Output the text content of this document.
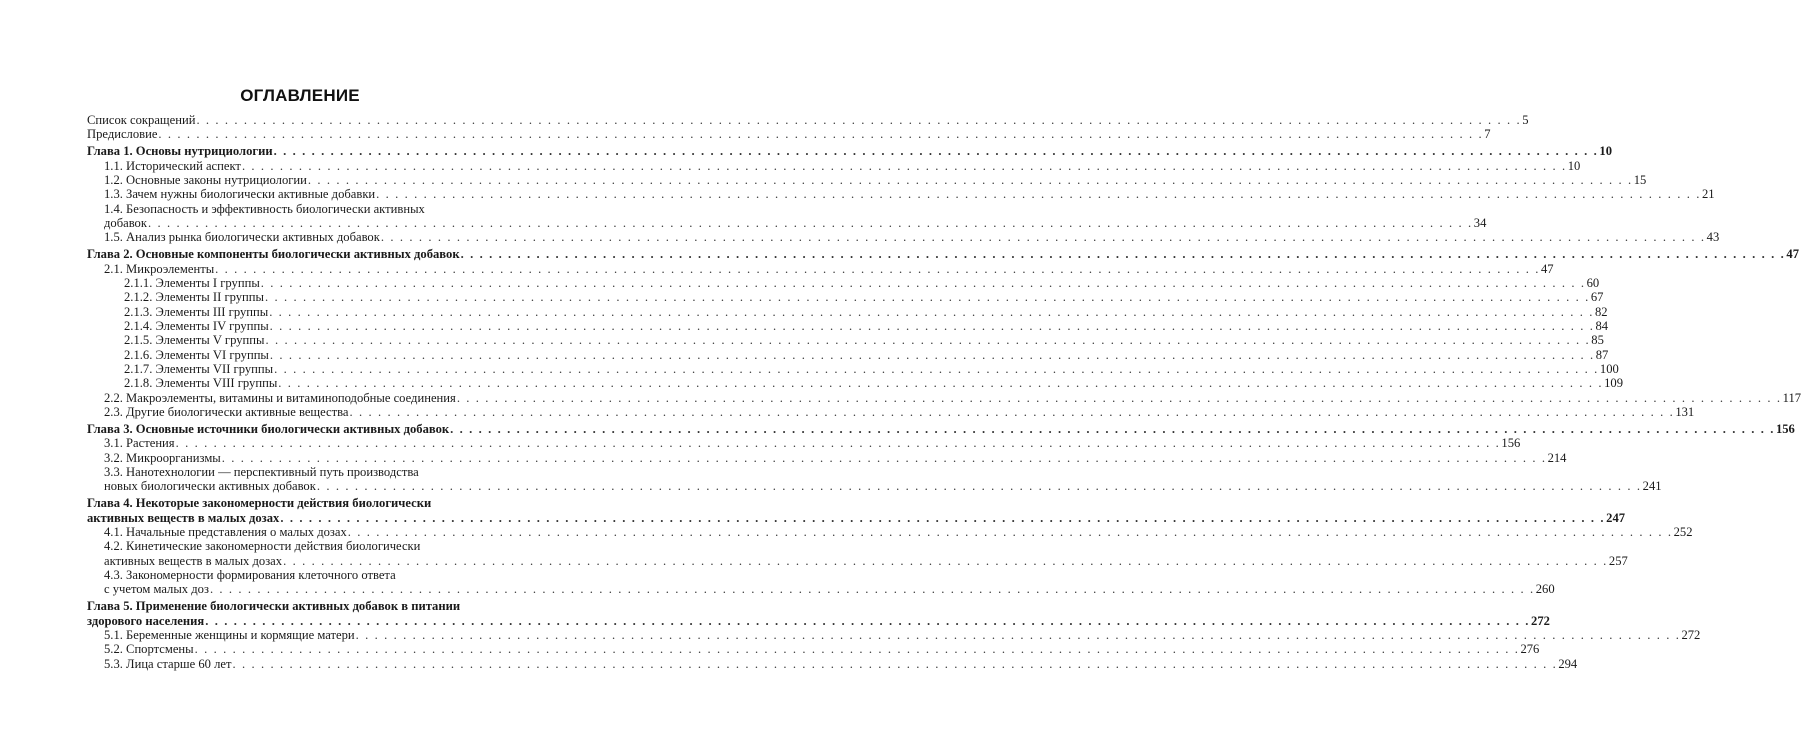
ОГЛАВЛЕНИЕ
Список сокращений . . . . . . . . . . . . . . . . . . . . . . . . . . . . . . . . . . . . . . . . . . . . . . . . . . . . . . . . . . . . . . . . . . . . . . . . . . . . . . . . . . . . . . . . . . . . . . . . . . . . . . . . . . . . . . . . . . . . . . . . . . . . . . . . . . . . . . . . . . . . 5
Предисловие . . . . . . . . . . . . . . . . . . . . . . . . . . . . . . . . . . . . . . . . . . . . . . . . . . . . . . . . . . . . . . . . . . . . . . . . . . . . . . . . . . . . . . . . . . . . . . . . . . . . . . . . . . . . . . . . . . . . . . . . . . . . . . . . . . . . . . . . . . . . 7
Глава 1. Основы нутрициологии . . . . . . . . . . . . . . . . . . . . . . . . . . . . . . . . . . . . . . . . . . . . . . . . . . . . . . . . . . . . . . . . . . . . . . . . . . . . . . . . . . . . . . . . . . . . . . . . . . . . . . . . . . . . . . . . . . . . . . . . . . . . . . . . . . . . . . . . . . . . 10
1.1. Исторический аспект . . . . . . . . . . . . . . . . . . . . . . . . . . . . . . . . . . . . . . . . . . . . . . . . . . . . . . . . . . . . . . . . . . . . . . . . . . . . . . . . . . . . . . . . . . . . . . . . . . . . . . . . . . . . . . . . . . . . . . . . . . . . . . . . . . . . . . . . . . . . 10
1.2. Основные законы нутрициологии . . . . . . . . . . . . . . . . . . . . . . . . . . . . . . . . . . . . . . . . . . . . . . . . . . . . . . . . . . . . . . . . . . . . . . . . . . . . . . . . . . . . . . . . . . . . . . . . . . . . . . . . . . . . . . . . . . . . . . . . . . . . . . . . . . . . . . . . . . . . 15
1.3. Зачем нужны биологически активные добавки . . . . . . . . . . . . . . . . . . . . . . . . . . . . . . . . . . . . . . . . . . . . . . . . . . . . . . . . . . . . . . . . . . . . . . . . . . . . . . . . . . . . . . . . . . . . . . . . . . . . . . . . . . . . . . . . . . . . . . . . . . . . . . . . . . . . . . . . . . . . 21
1.4. Безопасность и эффективность биологически активных
добавок . . . . . . . . . . . . . . . . . . . . . . . . . . . . . . . . . . . . . . . . . . . . . . . . . . . . . . . . . . . . . . . . . . . . . . . . . . . . . . . . . . . . . . . . . . . . . . . . . . . . . . . . . . . . . . . . . . . . . . . . . . . . . . . . . . . . . . . . . . . . 34
1.5. Анализ рынка биологически активных добавок . . . . . . . . . . . . . . . . . . . . . . . . . . . . . . . . . . . . . . . . . . . . . . . . . . . . . . . . . . . . . . . . . . . . . . . . . . . . . . . . . . . . . . . . . . . . . . . . . . . . . . . . . . . . . . . . . . . . . . . . . . . . . . . . . . . . . . . . . . . . 43
Глава 2. Основные компоненты биологически активных добавок . . . . . . . . . . . . . . . . . . . . . . . . . . . . . . . . . . . . . . . . . . . . . . . . . . . . . . . . . . . . . . . . . . . . . . . . . . . . . . . . . . . . . . . . . . . . . . . . . . . . . . . . . . . . . . . . . . . . . . . . . . . . . . . . . . . . . . . . . . . . 47
2.1. Микроэлементы . . . . . . . . . . . . . . . . . . . . . . . . . . . . . . . . . . . . . . . . . . . . . . . . . . . . . . . . . . . . . . . . . . . . . . . . . . . . . . . . . . . . . . . . . . . . . . . . . . . . . . . . . . . . . . . . . . . . . . . . . . . . . . . . . . . . . . . . . . . . 47
2.1.1. Элементы I группы . . . . . . . . . . . . . . . . . . . . . . . . . . . . . . . . . . . . . . . . . . . . . . . . . . . . . . . . . . . . . . . . . . . . . . . . . . . . . . . . . . . . . . . . . . . . . . . . . . . . . . . . . . . . . . . . . . . . . . . . . . . . . . . . . . . . . . . . . . . . 60
2.1.2. Элементы II группы . . . . . . . . . . . . . . . . . . . . . . . . . . . . . . . . . . . . . . . . . . . . . . . . . . . . . . . . . . . . . . . . . . . . . . . . . . . . . . . . . . . . . . . . . . . . . . . . . . . . . . . . . . . . . . . . . . . . . . . . . . . . . . . . . . . . . . . . . . . . 67
2.1.3. Элементы III группы . . . . . . . . . . . . . . . . . . . . . . . . . . . . . . . . . . . . . . . . . . . . . . . . . . . . . . . . . . . . . . . . . . . . . . . . . . . . . . . . . . . . . . . . . . . . . . . . . . . . . . . . . . . . . . . . . . . . . . . . . . . . . . . . . . . . . . . . . . . . 82
2.1.4. Элементы IV группы . . . . . . . . . . . . . . . . . . . . . . . . . . . . . . . . . . . . . . . . . . . . . . . . . . . . . . . . . . . . . . . . . . . . . . . . . . . . . . . . . . . . . . . . . . . . . . . . . . . . . . . . . . . . . . . . . . . . . . . . . . . . . . . . . . . . . . . . . . . . 84
2.1.5. Элементы V группы . . . . . . . . . . . . . . . . . . . . . . . . . . . . . . . . . . . . . . . . . . . . . . . . . . . . . . . . . . . . . . . . . . . . . . . . . . . . . . . . . . . . . . . . . . . . . . . . . . . . . . . . . . . . . . . . . . . . . . . . . . . . . . . . . . . . . . . . . . . . 85
2.1.6. Элементы VI группы . . . . . . . . . . . . . . . . . . . . . . . . . . . . . . . . . . . . . . . . . . . . . . . . . . . . . . . . . . . . . . . . . . . . . . . . . . . . . . . . . . . . . . . . . . . . . . . . . . . . . . . . . . . . . . . . . . . . . . . . . . . . . . . . . . . . . . . . . . . . 87
2.1.7. Элементы VII группы . . . . . . . . . . . . . . . . . . . . . . . . . . . . . . . . . . . . . . . . . . . . . . . . . . . . . . . . . . . . . . . . . . . . . . . . . . . . . . . . . . . . . . . . . . . . . . . . . . . . . . . . . . . . . . . . . . . . . . . . . . . . . . . . . . . . . . . . . . . . 100
2.1.8. Элементы VIII группы . . . . . . . . . . . . . . . . . . . . . . . . . . . . . . . . . . . . . . . . . . . . . . . . . . . . . . . . . . . . . . . . . . . . . . . . . . . . . . . . . . . . . . . . . . . . . . . . . . . . . . . . . . . . . . . . . . . . . . . . . . . . . . . . . . . . . . . . . . . . 109
2.2. Макроэлементы, витамины и витаминоподобные соединения . . . . . . . . . . . . . . . . . . . . . . . . . . . . . . . . . . . . . . . . . . . . . . . . . . . . . . . . . . . . . . . . . . . . . . . . . . . . . . . . . . . . . . . . . . . . . . . . . . . . . . . . . . . . . . . . . . . . . . . . . . . . . . . . . . . . . . . . . . . . 117
2.3. Другие биологически активные вещества . . . . . . . . . . . . . . . . . . . . . . . . . . . . . . . . . . . . . . . . . . . . . . . . . . . . . . . . . . . . . . . . . . . . . . . . . . . . . . . . . . . . . . . . . . . . . . . . . . . . . . . . . . . . . . . . . . . . . . . . . . . . . . . . . . . . . . . . . . . . 131
Глава 3. Основные источники биологически активных добавок . . . . . . . . . . . . . . . . . . . . . . . . . . . . . . . . . . . . . . . . . . . . . . . . . . . . . . . . . . . . . . . . . . . . . . . . . . . . . . . . . . . . . . . . . . . . . . . . . . . . . . . . . . . . . . . . . . . . . . . . . . . . . . . . . . . . . . . . . . . . 156
3.1. Растения . . . . . . . . . . . . . . . . . . . . . . . . . . . . . . . . . . . . . . . . . . . . . . . . . . . . . . . . . . . . . . . . . . . . . . . . . . . . . . . . . . . . . . . . . . . . . . . . . . . . . . . . . . . . . . . . . . . . . . . . . . . . . . . . . . . . . . . . . . . . 156
3.2. Микроорганизмы . . . . . . . . . . . . . . . . . . . . . . . . . . . . . . . . . . . . . . . . . . . . . . . . . . . . . . . . . . . . . . . . . . . . . . . . . . . . . . . . . . . . . . . . . . . . . . . . . . . . . . . . . . . . . . . . . . . . . . . . . . . . . . . . . . . . . . . . . . . . 214
3.3. Нанотехнологии — перспективный путь производства
новых биологически активных добавок . . . . . . . . . . . . . . . . . . . . . . . . . . . . . . . . . . . . . . . . . . . . . . . . . . . . . . . . . . . . . . . . . . . . . . . . . . . . . . . . . . . . . . . . . . . . . . . . . . . . . . . . . . . . . . . . . . . . . . . . . . . . . . . . . . . . . . . . . . . . 241
Глава 4. Некоторые закономерности действия биологически
активных веществ в малых дозах . . . . . . . . . . . . . . . . . . . . . . . . . . . . . . . . . . . . . . . . . . . . . . . . . . . . . . . . . . . . . . . . . . . . . . . . . . . . . . . . . . . . . . . . . . . . . . . . . . . . . . . . . . . . . . . . . . . . . . . . . . . . . . . . . . . . . . . . . . . . 247
4.1. Начальные представления о малых дозах . . . . . . . . . . . . . . . . . . . . . . . . . . . . . . . . . . . . . . . . . . . . . . . . . . . . . . . . . . . . . . . . . . . . . . . . . . . . . . . . . . . . . . . . . . . . . . . . . . . . . . . . . . . . . . . . . . . . . . . . . . . . . . . . . . . . . . . . . . . . 252
4.2. Кинетические закономерности действия биологически
активных веществ в малых дозах . . . . . . . . . . . . . . . . . . . . . . . . . . . . . . . . . . . . . . . . . . . . . . . . . . . . . . . . . . . . . . . . . . . . . . . . . . . . . . . . . . . . . . . . . . . . . . . . . . . . . . . . . . . . . . . . . . . . . . . . . . . . . . . . . . . . . . . . . . . . 257
4.3. Закономерности формирования клеточного ответа
с учетом малых доз . . . . . . . . . . . . . . . . . . . . . . . . . . . . . . . . . . . . . . . . . . . . . . . . . . . . . . . . . . . . . . . . . . . . . . . . . . . . . . . . . . . . . . . . . . . . . . . . . . . . . . . . . . . . . . . . . . . . . . . . . . . . . . . . . . . . . . . . . . . . 260
Глава 5. Применение биологически активных добавок в питании
здорового населения . . . . . . . . . . . . . . . . . . . . . . . . . . . . . . . . . . . . . . . . . . . . . . . . . . . . . . . . . . . . . . . . . . . . . . . . . . . . . . . . . . . . . . . . . . . . . . . . . . . . . . . . . . . . . . . . . . . . . . . . . . . . . . . . . . . . . . . . . . . . 272
5.1. Беременные женщины и кормящие матери . . . . . . . . . . . . . . . . . . . . . . . . . . . . . . . . . . . . . . . . . . . . . . . . . . . . . . . . . . . . . . . . . . . . . . . . . . . . . . . . . . . . . . . . . . . . . . . . . . . . . . . . . . . . . . . . . . . . . . . . . . . . . . . . . . . . . . . . . . . . 272
5.2. Спортсмены . . . . . . . . . . . . . . . . . . . . . . . . . . . . . . . . . . . . . . . . . . . . . . . . . . . . . . . . . . . . . . . . . . . . . . . . . . . . . . . . . . . . . . . . . . . . . . . . . . . . . . . . . . . . . . . . . . . . . . . . . . . . . . . . . . . . . . . . . . . . 276
5.3. Лица старше 60 лет . . . . . . . . . . . . . . . . . . . . . . . . . . . . . . . . . . . . . . . . . . . . . . . . . . . . . . . . . . . . . . . . . . . . . . . . . . . . . . . . . . . . . . . . . . . . . . . . . . . . . . . . . . . . . . . . . . . . . . . . . . . . . . . . . . . . . . . . . . . . 294
